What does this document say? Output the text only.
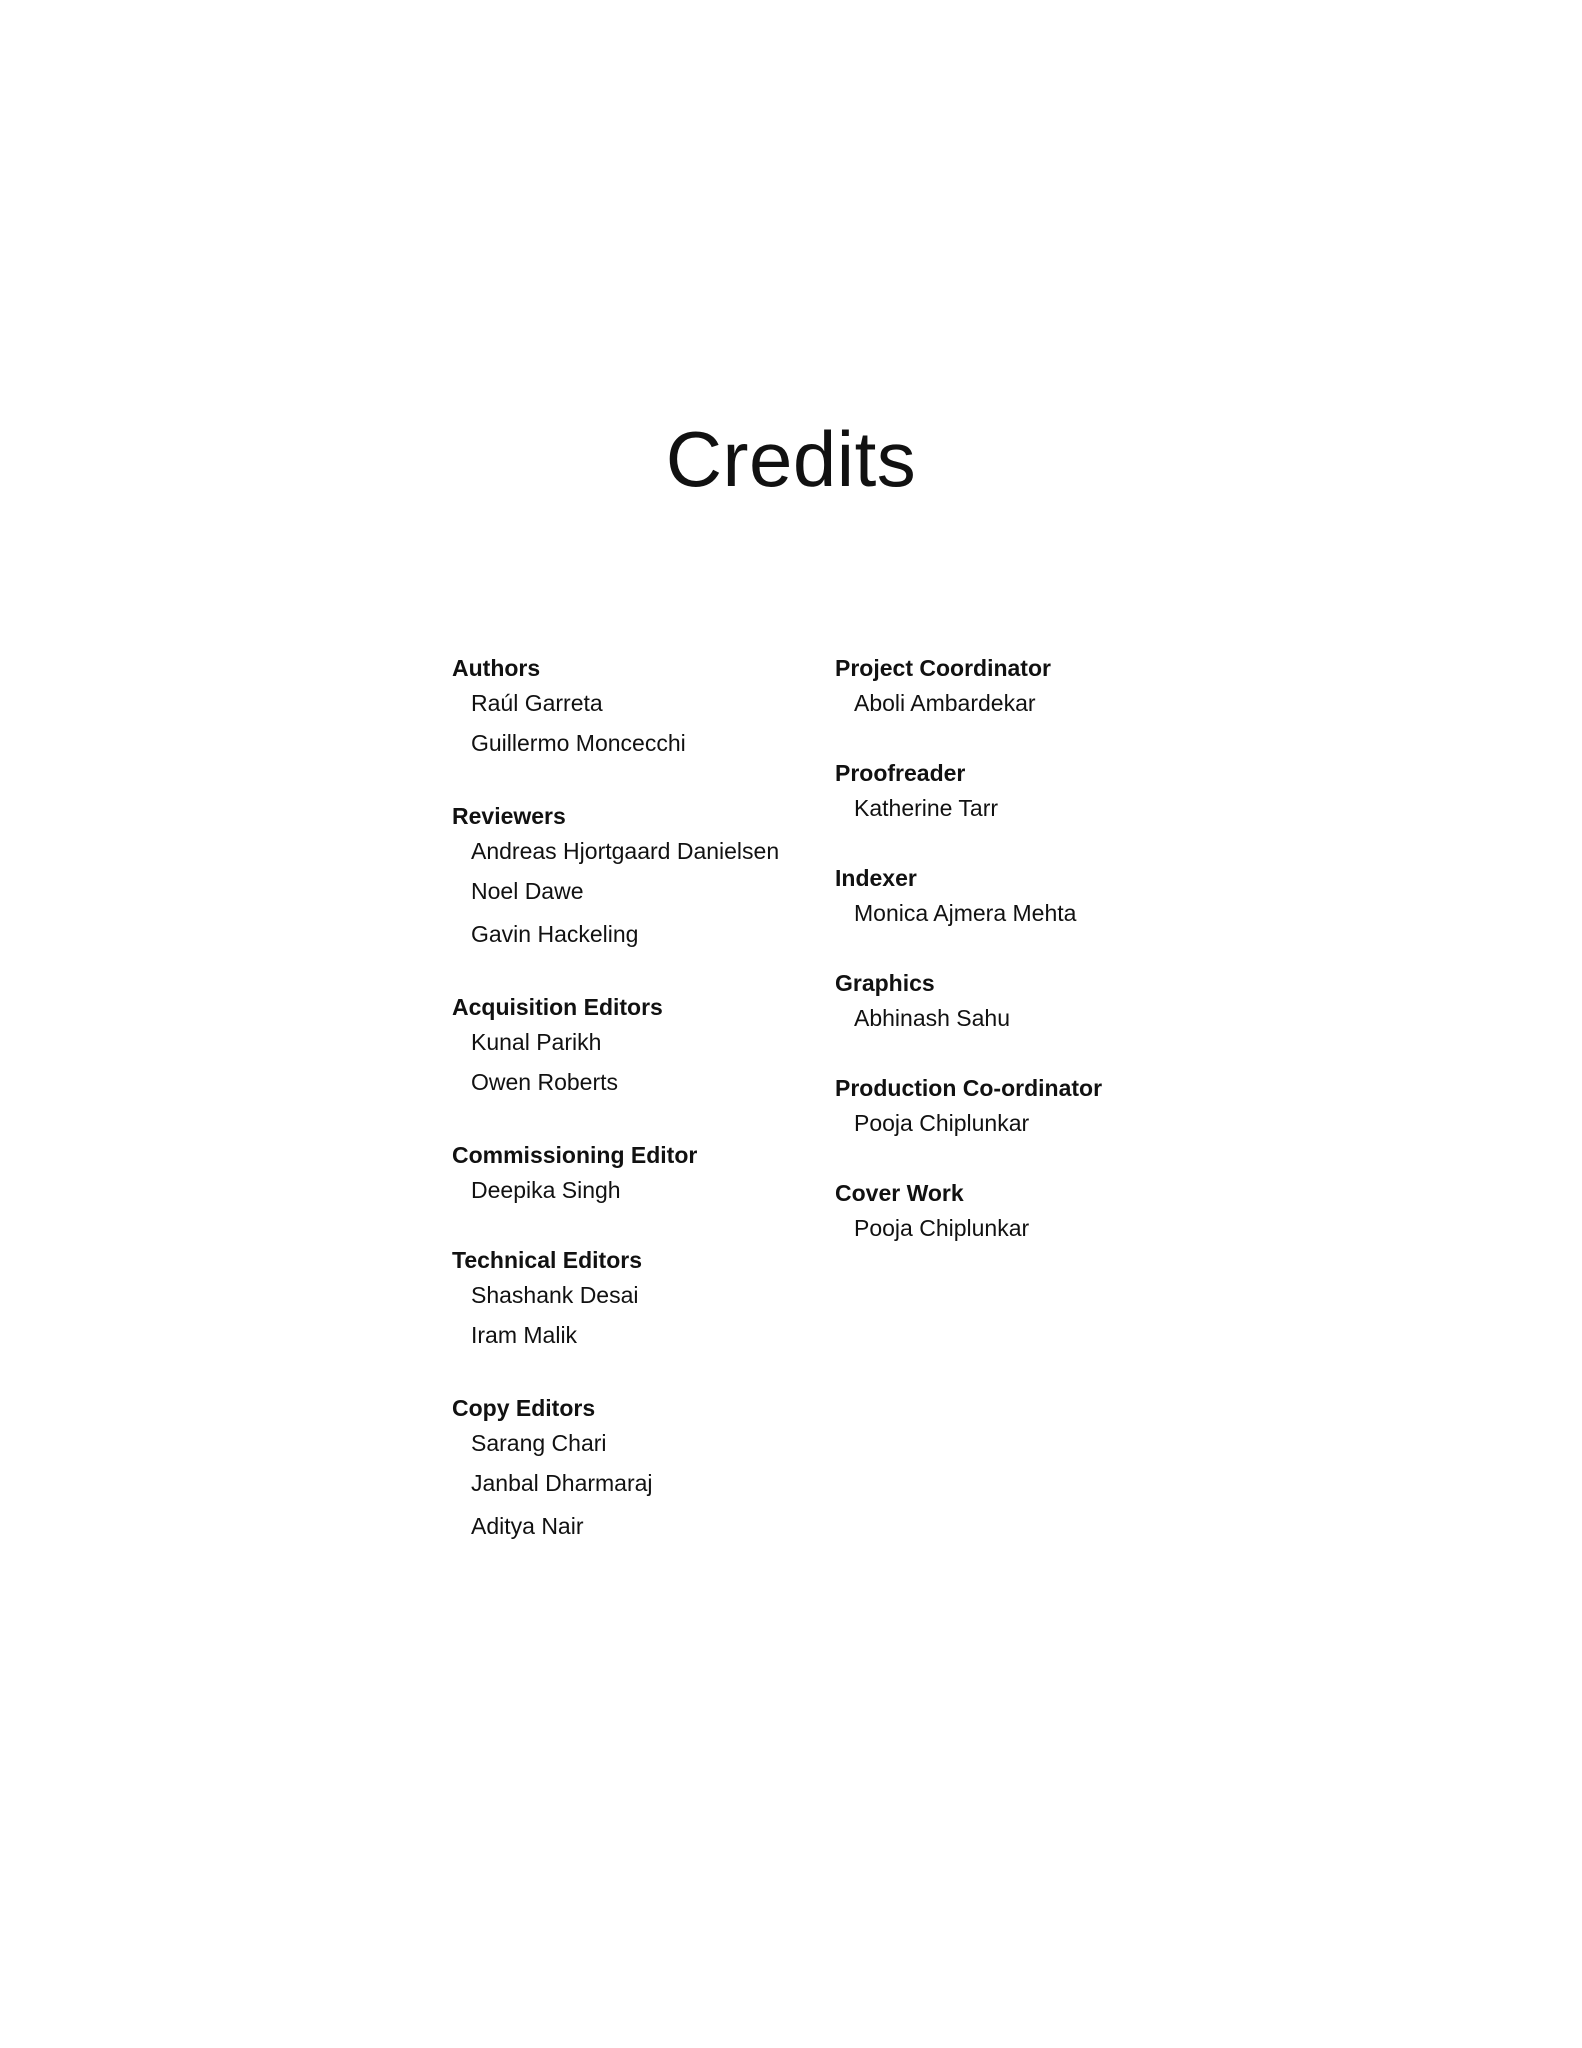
Credits
Authors
Raúl Garreta
Guillermo Moncecchi
Reviewers
Andreas Hjortgaard Danielsen
Noel Dawe
Gavin Hackeling
Acquisition Editors
Kunal Parikh
Owen Roberts
Commissioning Editor
Deepika Singh
Technical Editors
Shashank Desai
Iram Malik
Copy Editors
Sarang Chari
Janbal Dharmaraj
Aditya Nair
Project Coordinator
Aboli Ambardekar
Proofreader
Katherine Tarr
Indexer
Monica Ajmera Mehta
Graphics
Abhinash Sahu
Production Co-ordinator
Pooja Chiplunkar
Cover Work
Pooja Chiplunkar
